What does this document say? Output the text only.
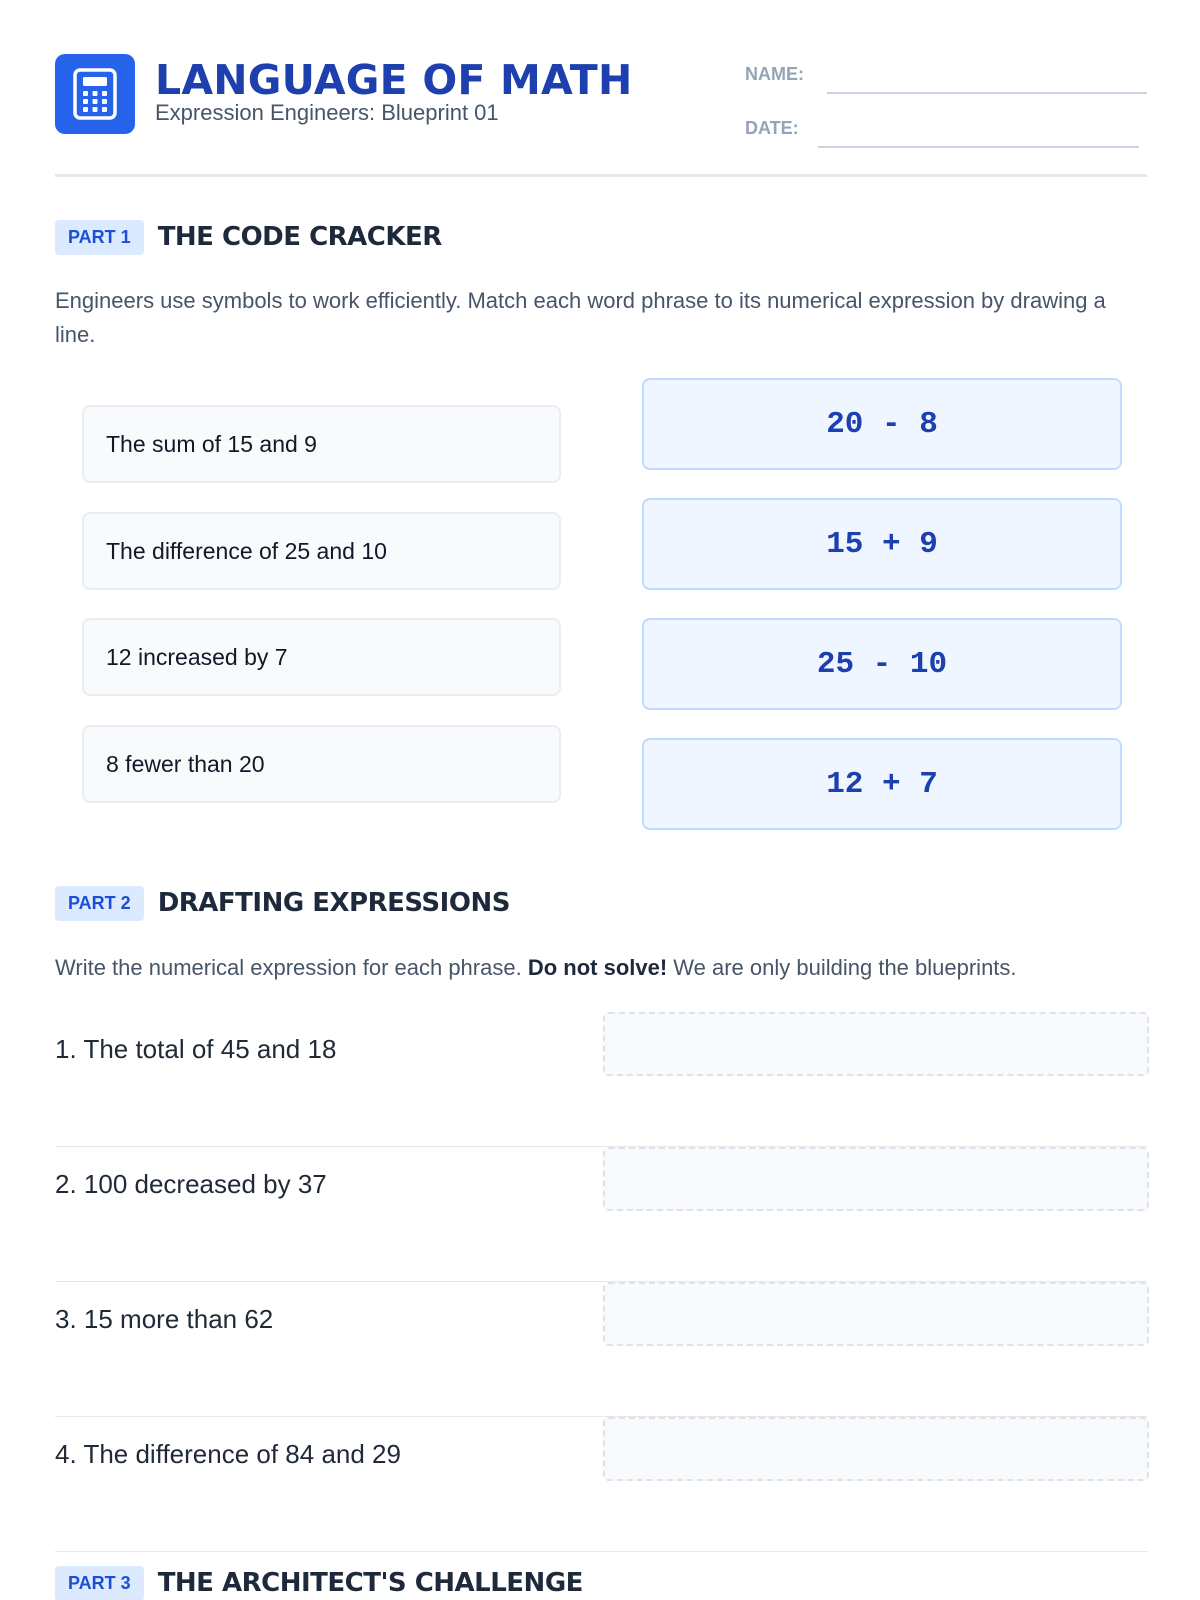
LANGUAGE OF MATH
Expression Engineers: Blueprint 01
NAME:
DATE:
PART 1	THE CODE CRACKER
Engineers use symbols to work efficiently. Match each word phrase to its numerical expression by drawing a line.
The sum of 15 and 9
The difference of 25 and 10
12 increased by 7
8 fewer than 20
20 - 8
15 + 9
25 - 10
12 + 7
PART 2	DRAFTING EXPRESSIONS
Write the numerical expression for each phrase. Do not solve! We are only building the blueprints.
1. The total of 45 and 18
2. 100 decreased by 37
3. 15 more than 62
4. The difference of 84 and 29
PART 3	THE ARCHITECT'S CHALLENGE
